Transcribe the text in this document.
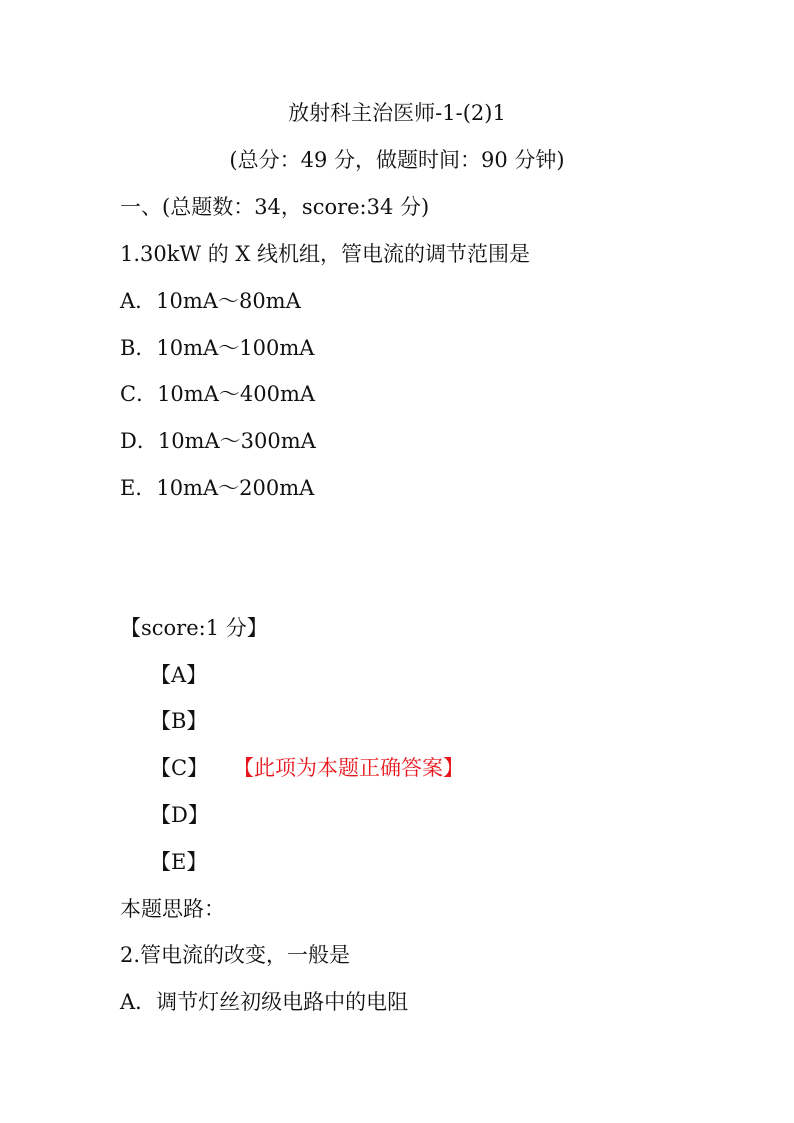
放射科主治医师-1-(2)1
(总分：49 分，做题时间：90 分钟)
一、(总题数：34，score:34 分)
1.30kW 的 X 线机组，管电流的调节范围是
A．10mA～80mA
B．10mA～100mA
C．10mA～400mA
D．10mA～300mA
E．10mA～200mA
【score:1 分】
【A】
【B】
【C】 【此项为本题正确答案】
【D】
【E】
本题思路：
2.管电流的改变，一般是
A．调节灯丝初级电路中的电阻
